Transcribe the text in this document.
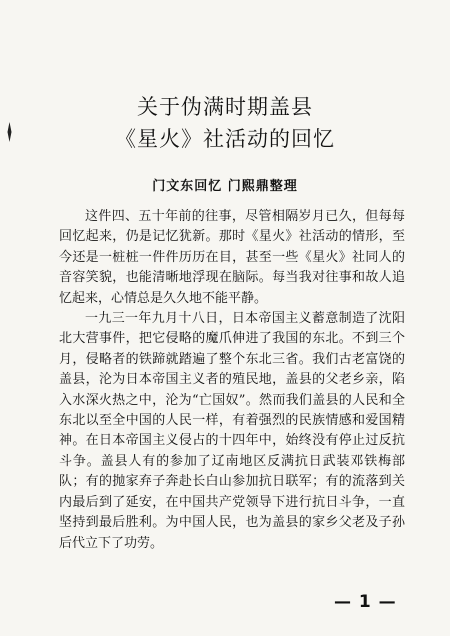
关于伪满时期盖县
《星火》社活动的回忆
门文东回忆 门熙鼎整理

这件四、五十年前的往事，尽管相隔岁月已久，但每每回忆起来，仍是记忆犹新。那时《星火》社活动的情形，至今还是一桩桩一件件历历在目，甚至一些《星火》社同人的音容笑貌，也能清晰地浮现在脑际。每当我对往事和故人追忆起来，心情总是久久地不能平静。

一九三一年九月十八日，日本帝国主义蓄意制造了沈阳北大营事件，把它侵略的魔爪伸进了我国的东北。不到三个月，侵略者的铁蹄就踏遍了整个东北三省。我们古老富饶的盖县，沦为日本帝国主义者的殖民地，盖县的父老乡亲，陷入水深火热之中，沦为“亡国奴”。然而我们盖县的人民和全东北以至全中国的人民一样，有着强烈的民族情感和爱国精神。在日本帝国主义侵占的十四年中，始终没有停止过反抗斗争。盖县人有的参加了辽南地区反满抗日武装邓铁梅部队；有的抛家弃子奔赴长白山参加抗日联军；有的流落到关内最后到了延安，在中国共产党领导下进行抗日斗争，一直坚持到最后胜利。为中国人民，也为盖县的家乡父老及子孙后代立下了功劳。

— 1 —
